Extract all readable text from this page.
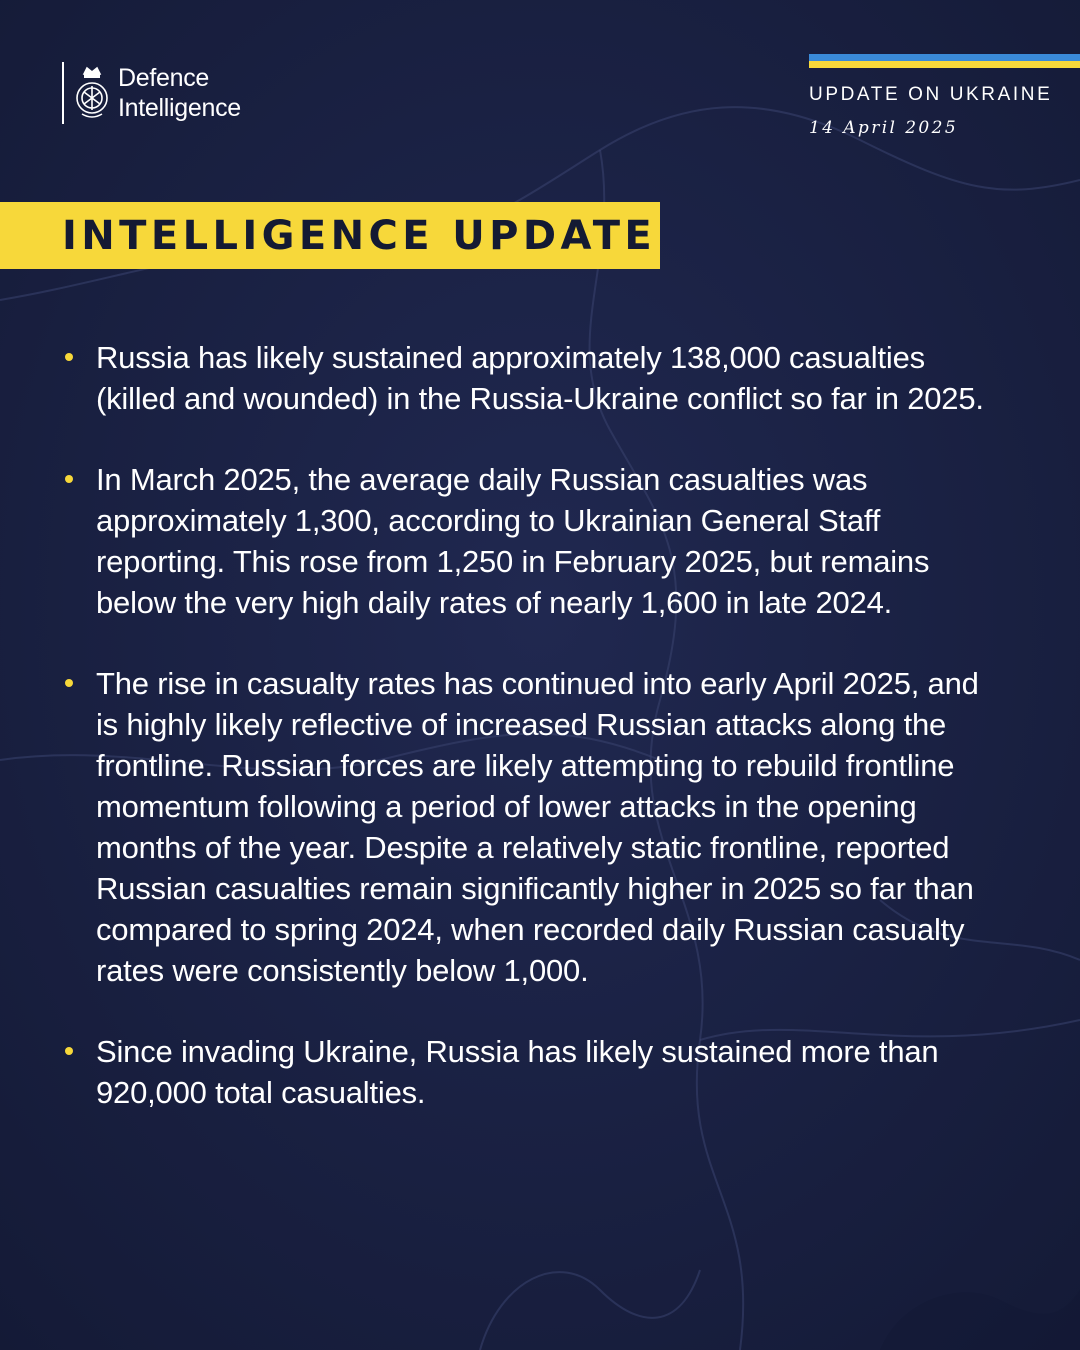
Defence
Intelligence	UPDATE ON UKRAINE
14 April 2025
INTELLIGENCE UPDATE
Russia has likely sustained approximately 138,000 casualties (killed and wounded) in the Russia-Ukraine conflict so far in 2025.
In March 2025, the average daily Russian casualties was approximately 1,300, according to Ukrainian General Staff reporting. This rose from 1,250 in February 2025, but remains below the very high daily rates of nearly 1,600 in late 2024.
The rise in casualty rates has continued into early April 2025, and is highly likely reflective of increased Russian attacks along the frontline. Russian forces are likely attempting to rebuild frontline momentum following a period of lower attacks in the opening months of the year. Despite a relatively static frontline, reported Russian casualties remain significantly higher in 2025 so far than compared to spring 2024, when recorded daily Russian casualty rates were consistently below 1,000.
Since invading Ukraine, Russia has likely sustained more than 920,000 total casualties.
